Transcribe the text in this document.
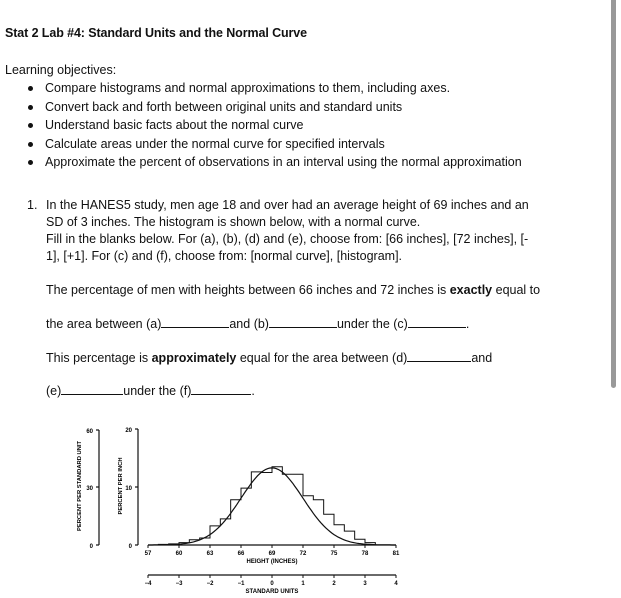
Stat 2 Lab #4: Standard Units and the Normal Curve
Learning objectives:
Compare histograms and normal approximations to them, including axes.
Convert back and forth between original units and standard units
Understand basic facts about the normal curve
Calculate areas under the normal curve for specified intervals
Approximate the percent of observations in an interval using the normal approximation
1. In the HANES5 study, men age 18 and over had an average height of 69 inches and an
SD of 3 inches. The histogram is shown below, with a normal curve.
Fill in the blanks below. For (a), (b), (d) and (e), choose from: [66 inches], [72 inches], [-
1], [+1]. For (c) and (f), choose from: [normal curve], [histogram].
The percentage of men with heights between 66 inches and 72 inches is exactly equal to
the area between (a)	and (b)	under the (c)	.
This percentage is approximately equal for the area between (d)	and
(e)	under the (f)	.
60
30
0
PERCENT PER STANDARD UNIT
20
10
0
PERCENT PER INCH
57	60	63	66	69	72	75	78	81
HEIGHT (INCHES)
−4	−3	−2	−1	0	1	2	3	4
STANDARD UNITS
